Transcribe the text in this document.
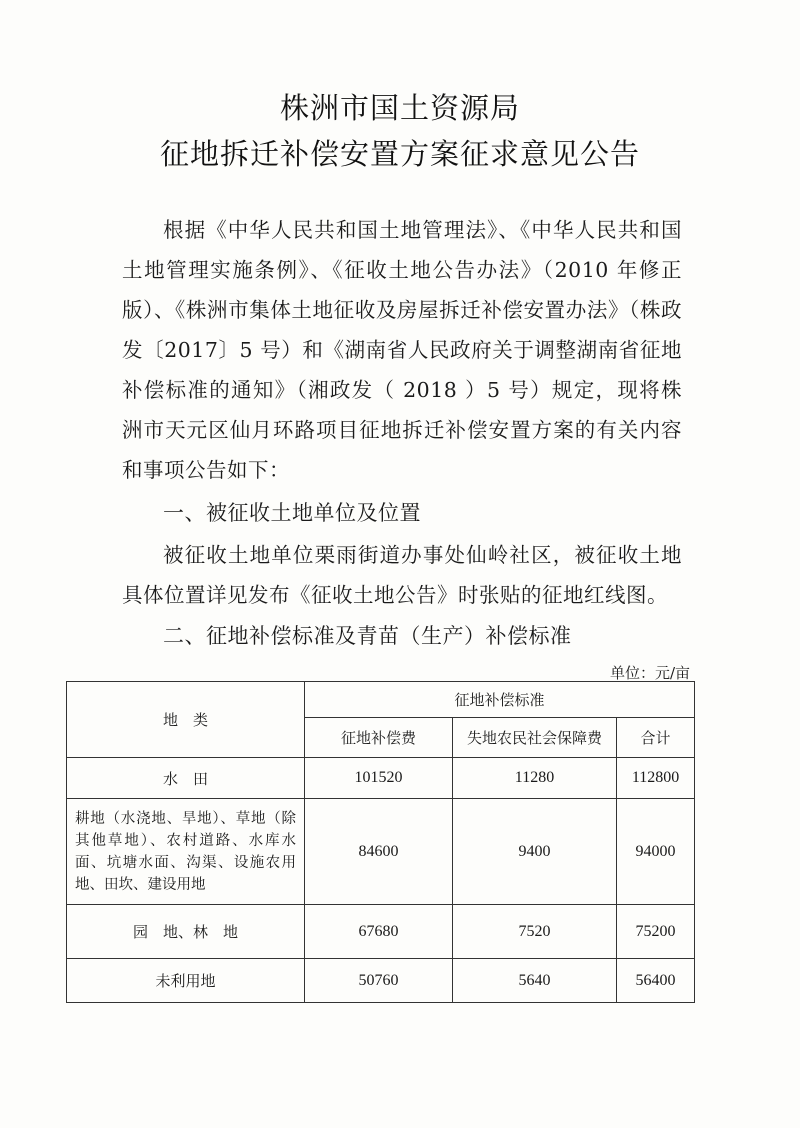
株洲市国土资源局
征地拆迁补偿安置方案征求意见公告
根据《中华人民共和国土地管理法》、《中华人民共和国土地管理实施条例》、《征收土地公告办法》（2010 年修正版）、《株洲市集体土地征收及房屋拆迁补偿安置办法》（株政发〔2017〕5 号）和《湖南省人民政府关于调整湖南省征地补偿标准的通知》（湘政发（ 2018 ）5 号）规定，现将株洲市天元区仙月环路项目征地拆迁补偿安置方案的有关内容和事项公告如下：
一、被征收土地单位及位置
被征收土地单位栗雨街道办事处仙岭社区，被征收土地具体位置详见发布《征收土地公告》时张贴的征地红线图。
二、征地补偿标准及青苗（生产）补偿标准
单位：元/亩
地　类	征地补偿标准		
	征地补偿费	失地农民社会保障费	合计
水　田	101520	11280	112800
耕地（水浇地、旱地）、草地（除其他草地）、农村道路、水库水面、坑塘水面、沟渠、设施农用地、田坎、建设用地	84600	9400	94000
园　地、林　地	67680	7520	75200
未利用地	50760	5640	56400
